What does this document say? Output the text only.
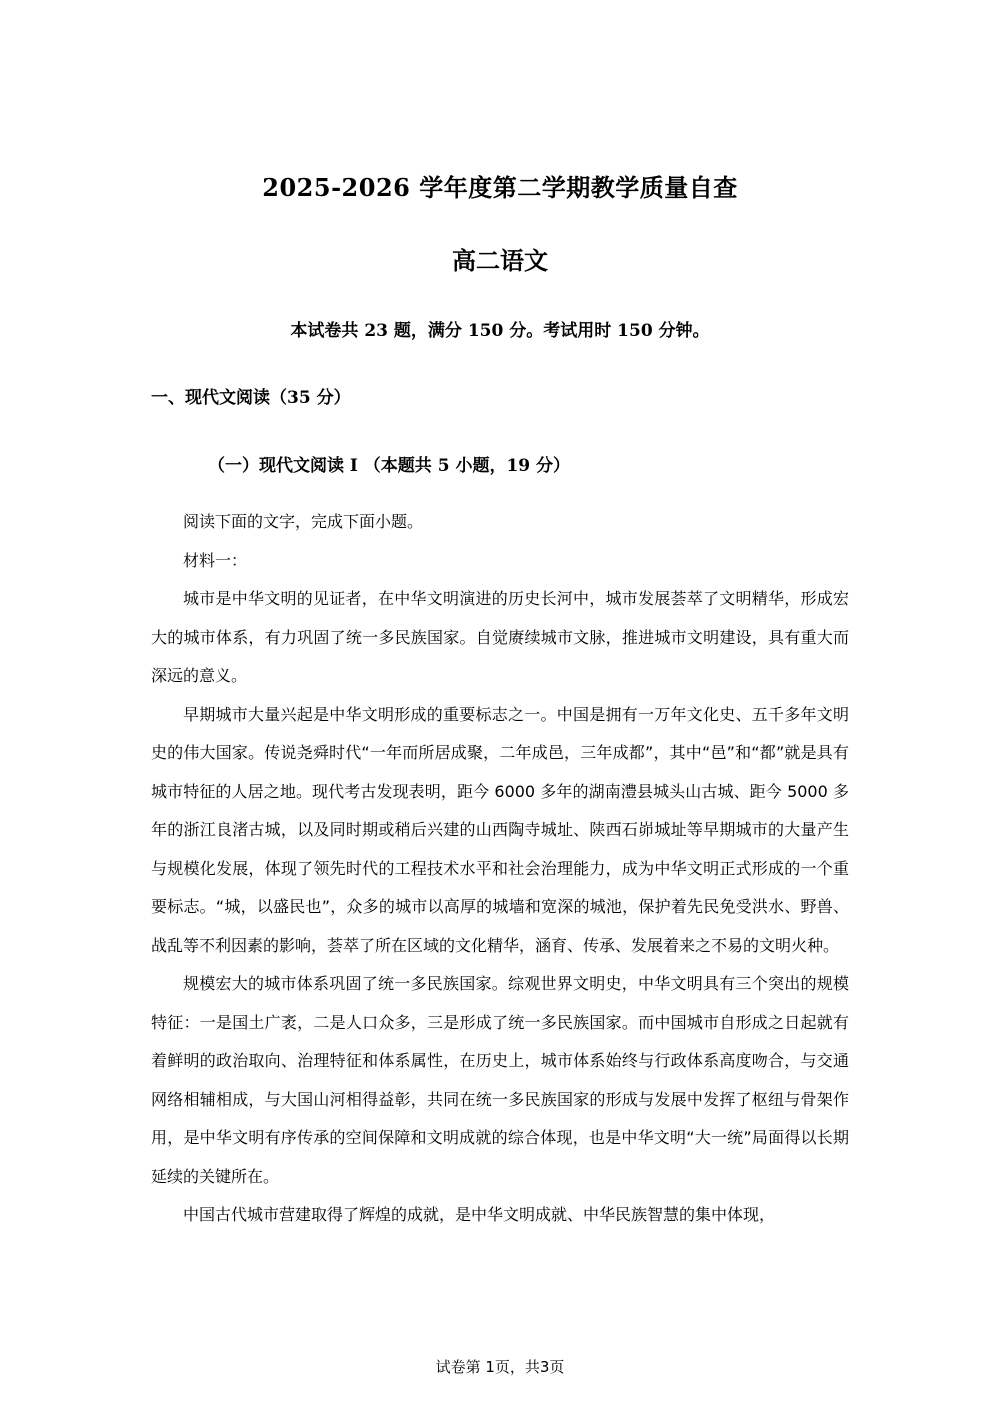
2025-2026 学年度第二学期教学质量自查
高二语文
本试卷共 23 题，满分 150 分。考试用时 150 分钟。
一、现代文阅读（35 分）
（一）现代文阅读 I （本题共 5 小题，19 分）

阅读下面的文字，完成下面小题。

材料一：

城市是中华文明的见证者，在中华文明演进的历史长河中，城市发展荟萃了文明精华，形成宏大的城市体系，有力巩固了统一多民族国家。自觉赓续城市文脉，推进城市文明建设，具有重大而深远的意义。

早期城市大量兴起是中华文明形成的重要标志之一。中国是拥有一万年文化史、五千多年文明史的伟大国家。传说尧舜时代“一年而所居成聚，二年成邑，三年成都”，其中“邑”和“都”就是具有城市特征的人居之地。现代考古发现表明，距今 6000 多年的湖南澧县城头山古城、距今 5000 多年的浙江良渚古城，以及同时期或稍后兴建的山西陶寺城址、陕西石峁城址等早期城市的大量产生与规模化发展，体现了领先时代的工程技术水平和社会治理能力，成为中华文明正式形成的一个重要标志。“城，以盛民也”，众多的城市以高厚的城墙和宽深的城池，保护着先民免受洪水、野兽、战乱等不利因素的影响，荟萃了所在区域的文化精华，涵育、传承、发展着来之不易的文明火种。

规模宏大的城市体系巩固了统一多民族国家。综观世界文明史，中华文明具有三个突出的规模特征：一是国土广袤，二是人口众多，三是形成了统一多民族国家。而中国城市自形成之日起就有着鲜明的政治取向、治理特征和体系属性，在历史上，城市体系始终与行政体系高度吻合，与交通网络相辅相成，与大国山河相得益彰，共同在统一多民族国家的形成与发展中发挥了枢纽与骨架作用，是中华文明有序传承的空间保障和文明成就的综合体现，也是中华文明“大一统”局面得以长期延续的关键所在。

中国古代城市营建取得了辉煌的成就，是中华文明成就、中华民族智慧的集中体现，

试卷第 1页，共3页
